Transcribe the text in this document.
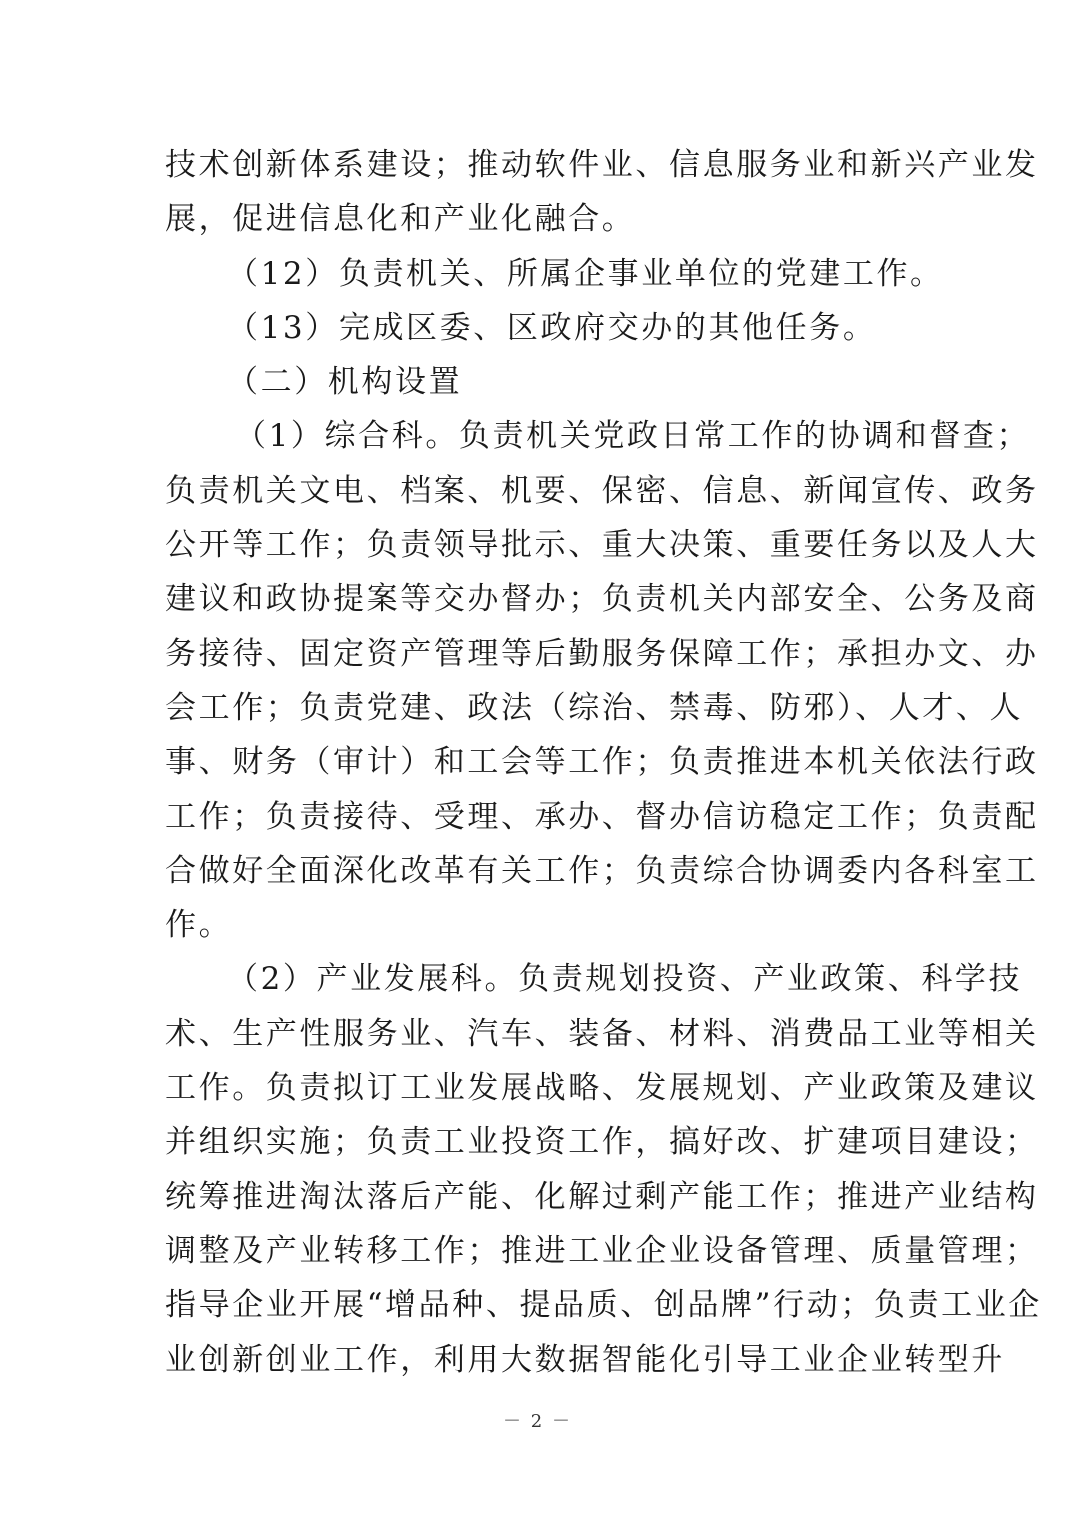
技术创新体系建设；推动软件业、信息服务业和新兴产业发
展，促进信息化和产业化融合。
（12）负责机关、所属企事业单位的党建工作。
（13）完成区委、区政府交办的其他任务。
（二）机构设置
（1）综合科。负责机关党政日常工作的协调和督查；
负责机关文电、档案、机要、保密、信息、新闻宣传、政务
公开等工作；负责领导批示、重大决策、重要任务以及人大
建议和政协提案等交办督办；负责机关内部安全、公务及商
务接待、固定资产管理等后勤服务保障工作；承担办文、办
会工作；负责党建、政法（综治、禁毒、防邪）、人才、人
事、财务（审计）和工会等工作；负责推进本机关依法行政
工作；负责接待、受理、承办、督办信访稳定工作；负责配
合做好全面深化改革有关工作；负责综合协调委内各科室工
作。
（2）产业发展科。负责规划投资、产业政策、科学技
术、生产性服务业、汽车、装备、材料、消费品工业等相关
工作。负责拟订工业发展战略、发展规划、产业政策及建议
并组织实施；负责工业投资工作，搞好改、扩建项目建设；
统筹推进淘汰落后产能、化解过剩产能工作；推进产业结构
调整及产业转移工作；推进工业企业设备管理、质量管理；
指导企业开展“增品种、提品质、创品牌”行动；负责工业企
业创新创业工作，利用大数据智能化引导工业企业转型升
－ 2 －
